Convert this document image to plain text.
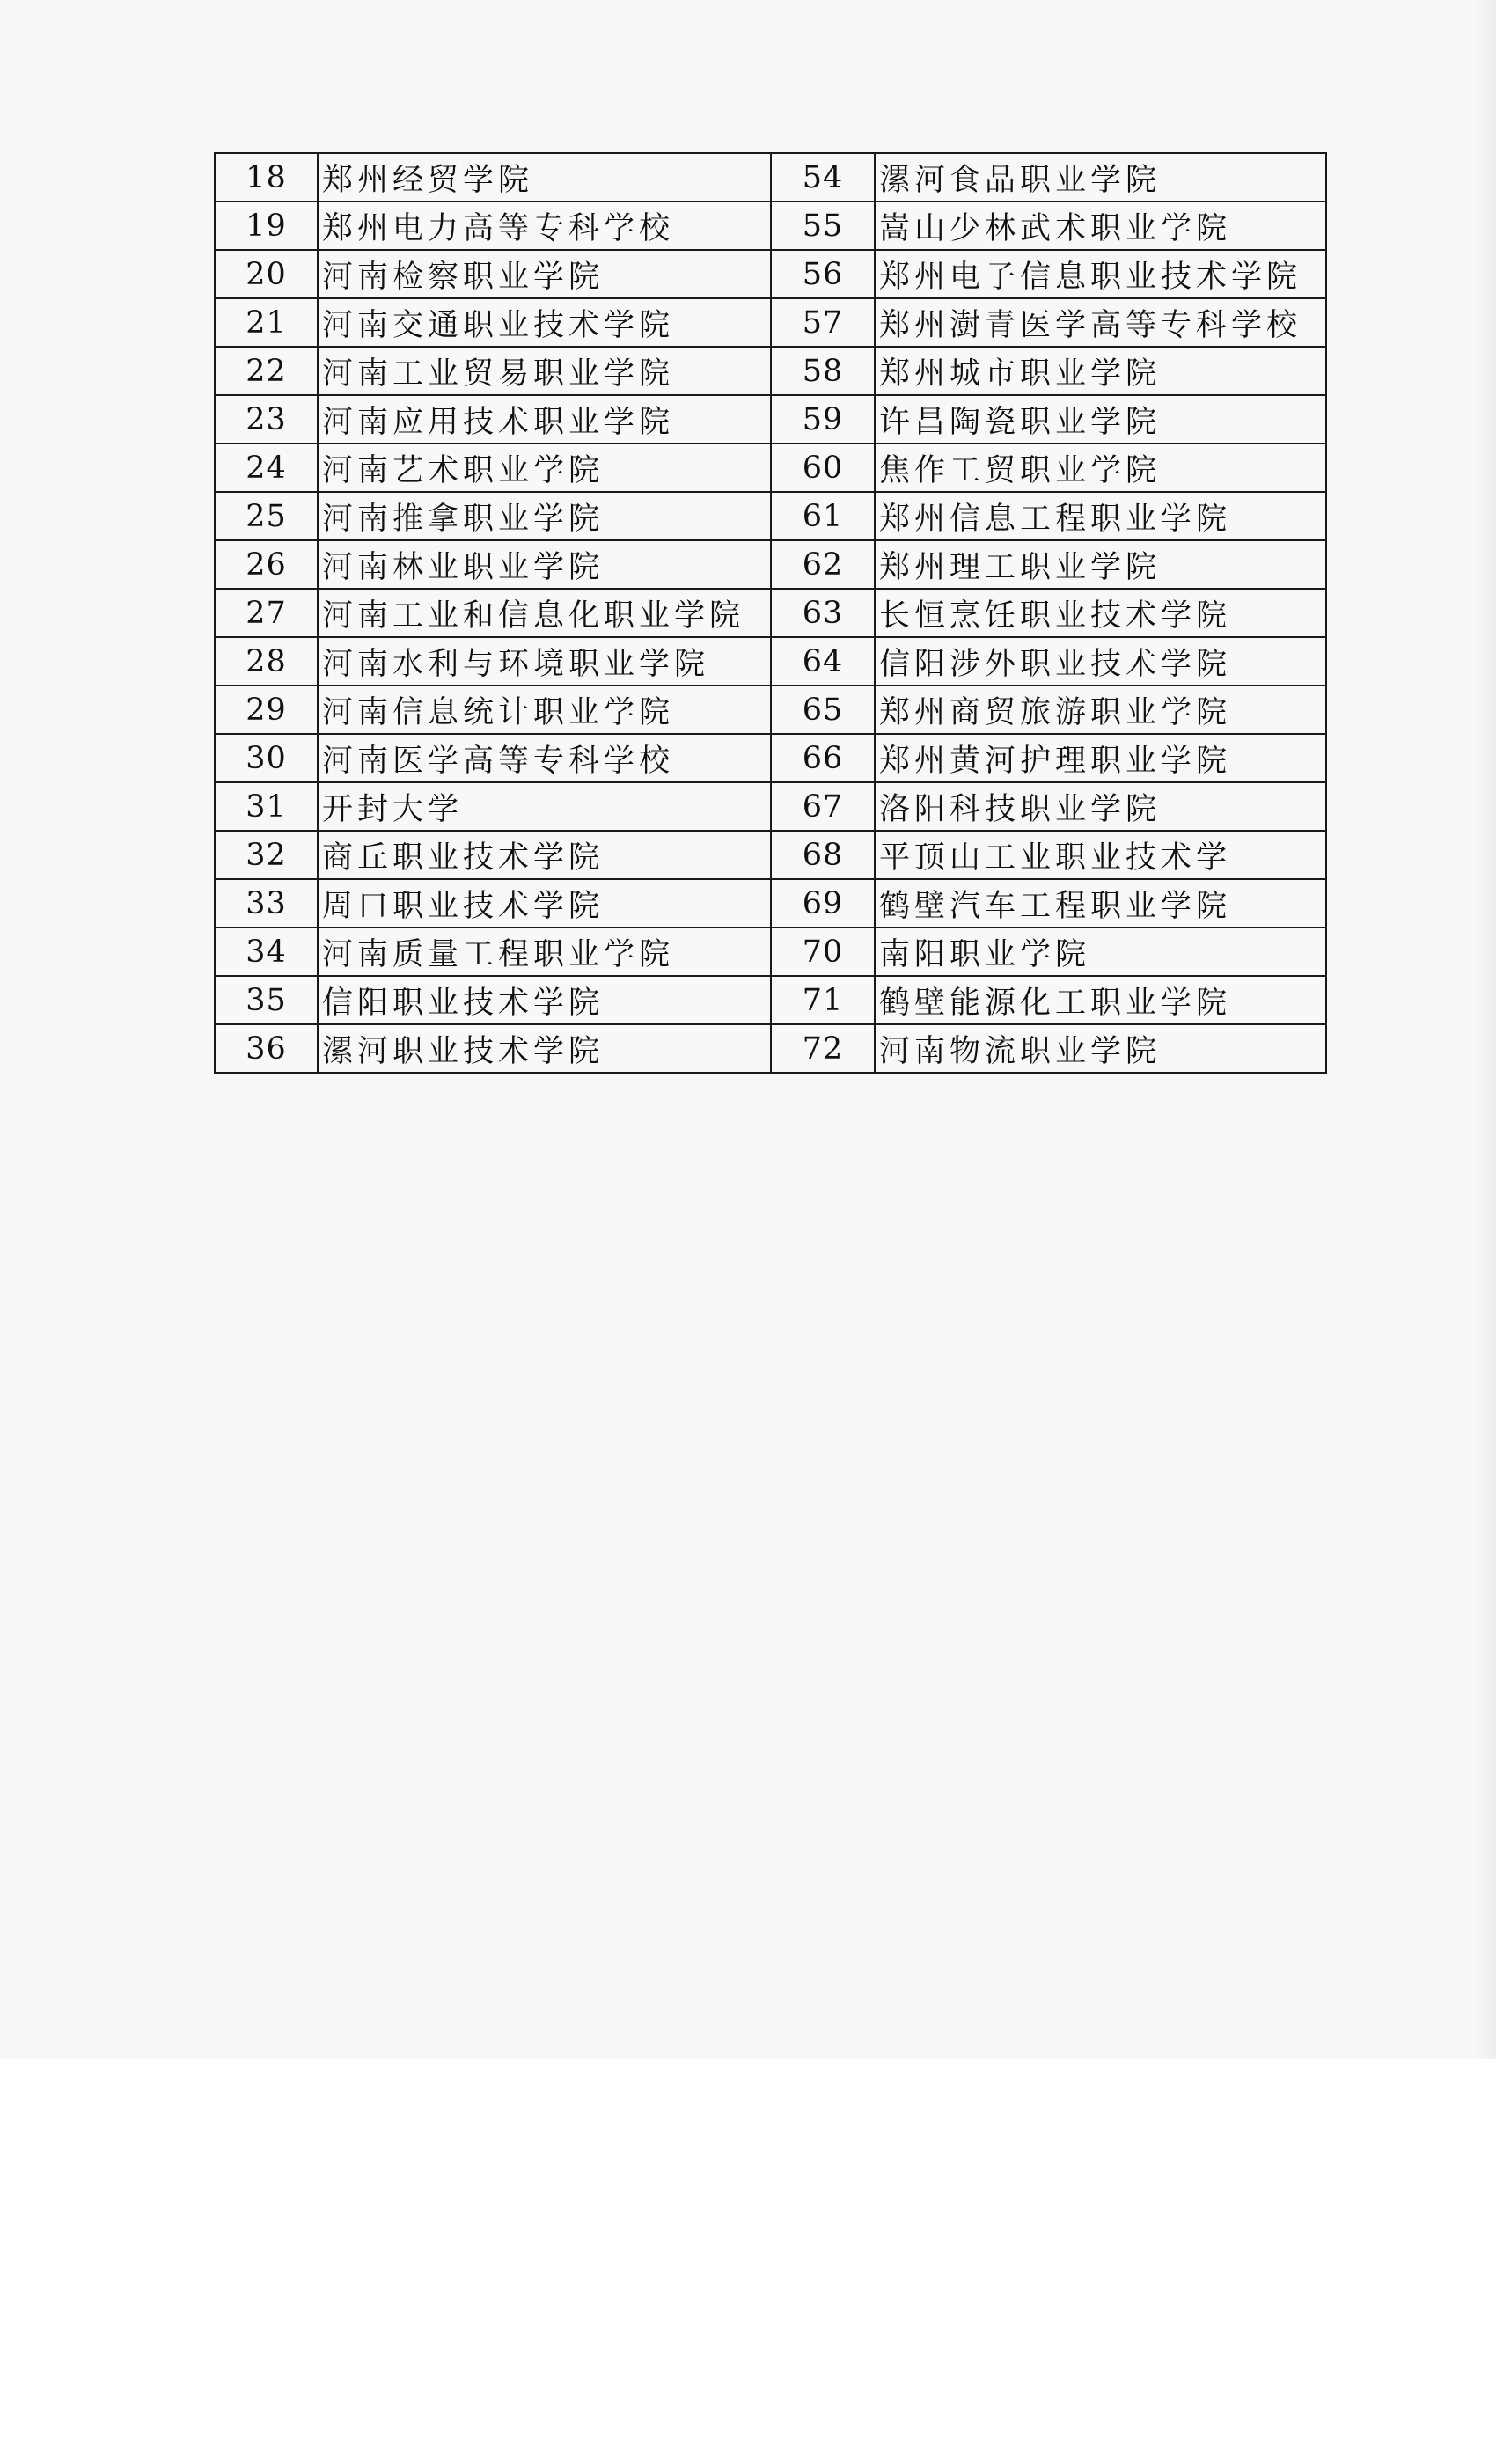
18	郑州经贸学院	54	漯河食品职业学院
19	郑州电力高等专科学校	55	嵩山少林武术职业学院
20	河南检察职业学院	56	郑州电子信息职业技术学院
21	河南交通职业技术学院	57	郑州澍青医学高等专科学校
22	河南工业贸易职业学院	58	郑州城市职业学院
23	河南应用技术职业学院	59	许昌陶瓷职业学院
24	河南艺术职业学院	60	焦作工贸职业学院
25	河南推拿职业学院	61	郑州信息工程职业学院
26	河南林业职业学院	62	郑州理工职业学院
27	河南工业和信息化职业学院	63	长恒烹饪职业技术学院
28	河南水利与环境职业学院	64	信阳涉外职业技术学院
29	河南信息统计职业学院	65	郑州商贸旅游职业学院
30	河南医学高等专科学校	66	郑州黄河护理职业学院
31	开封大学	67	洛阳科技职业学院
32	商丘职业技术学院	68	平顶山工业职业技术学
33	周口职业技术学院	69	鹤壁汽车工程职业学院
34	河南质量工程职业学院	70	南阳职业学院
35	信阳职业技术学院	71	鹤壁能源化工职业学院
36	漯河职业技术学院	72	河南物流职业学院
